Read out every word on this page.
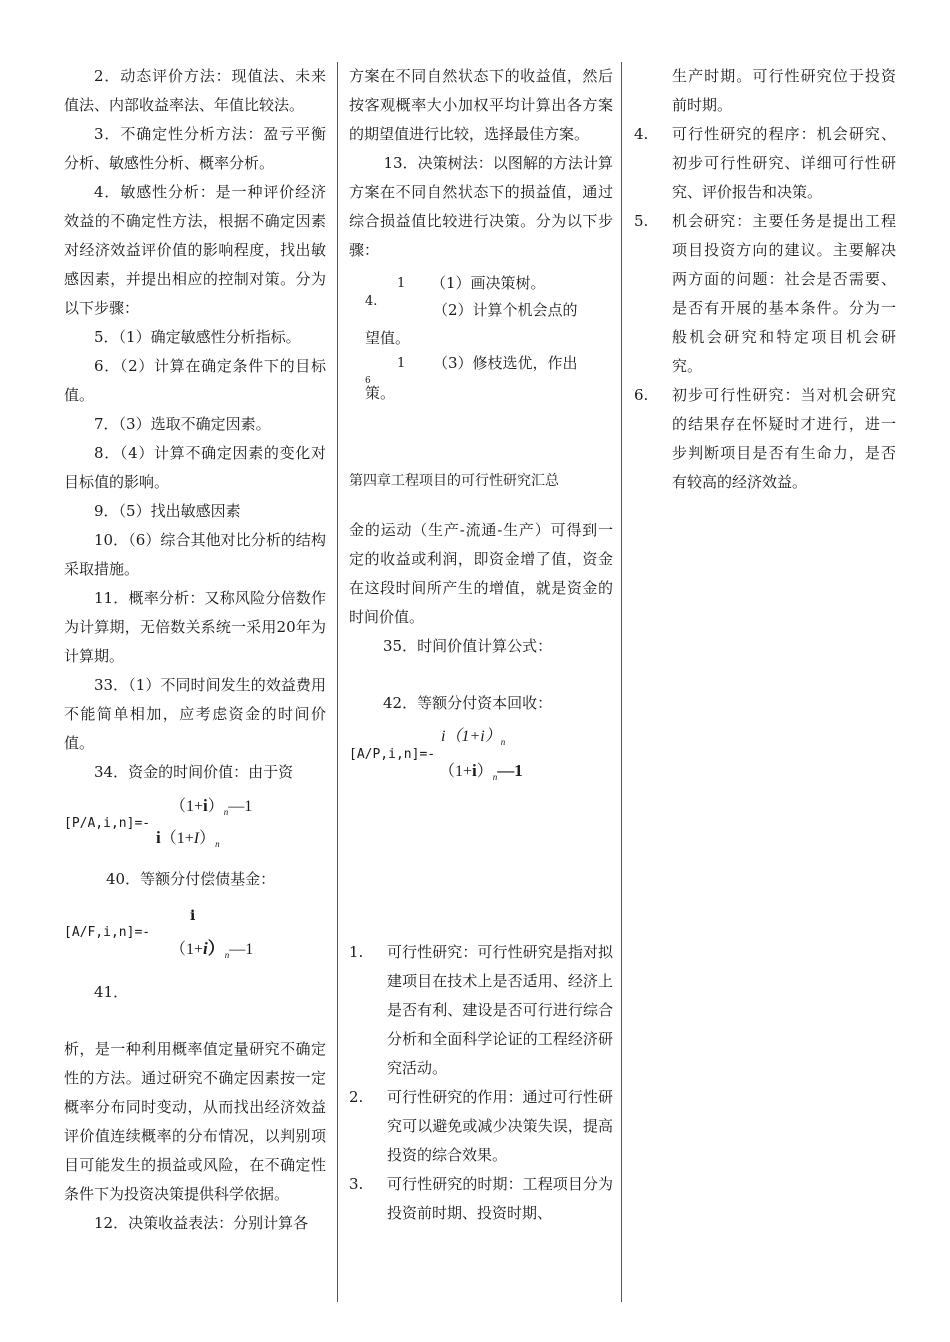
2．动态评价方法：现值法、未来值法、内部收益率法、年值比较法。

3．不确定性分析方法：盈亏平衡分析、敏感性分析、概率分析。

4．敏感性分析：是一种评价经济效益的不确定性方法，根据不确定因素对经济效益评价值的影响程度，找出敏感因素，并提出相应的控制对策。分为以下步骤：

5．（1）确定敏感性分析指标。

6．（2）计算在确定条件下的目标值。

7．（3）选取不确定因素。

8．（4）计算不确定因素的变化对目标值的影响。

9．（5）找出敏感因素

10．（6）综合其他对比分析的结构采取措施。

11．概率分析：又称风险分倍数作为计算期，无倍数关系统一采用20年为计算期。

33．（1）不同时间发生的效益费用不能简单相加，应考虑资金的时间价值。

34．资金的时间价值：由于资

$(1+i)_n—1$
[P/A,i,n]=-
$i(1+I)_n$

40．等额分付偿债基金：

i
[A/F,i,n]=-
$(1+i)_n—1$

41．

析，是一种利用概率值定量研究不确定性的方法。通过研究不确定因素按一定概率分布同时变动，从而找出经济效益评价值连续概率的分布情况，以判别项目可能发生的损益或风险，在不确定性条件下为投资决策提供科学依据。

12．决策收益表法：分别计算各

方案在不同自然状态下的收益值，然后按客观概率大小加权平均计算出各方案的期望值进行比较，选择最佳方案。

13．决策树法：以图解的方法计算方案在不同自然状态下的损益值，通过综合损益值比较进行决策。分为以下步骤：

1 （1）画决策树。
4.	（2）计算个机会点的
望值。
1 （3）修枝选优，作出
6
策。

第四章工程项目的可行性研究汇总

金的运动（生产-流通-生产）可得到一定的收益或利润，即资金增了值，资金在这段时间所产生的增值，就是资金的时间价值。

35．时间价值计算公式：

42．等额分付资本回收：

$i(1+i)_n$
[A/P,i,n]=-
$(1+i)_n—1$
1. 可行性研究：可行性研究是指对拟建项目在技术上是否适用、经济上是否有利、建设是否可行进行综合分析和全面科学论证的工程经济研究活动。

2. 可行性研究的作用：通过可行性研究可以避免或减少决策失误，提高投资的综合效果。

3. 可行性研究的时期：工程项目分为投资前时期、投资时期、

生产时期。可行性研究位于投资前时期。

4. 可行性研究的程序：机会研究、初步可行性研究、详细可行性研究、评价报告和决策。

5. 机会研究：主要任务是提出工程项目投资方向的建议。主要解决两方面的问题：社会是否需要、是否有开展的基本条件。分为一般机会研究和特定项目机会研究。

6. 初步可行性研究：当对机会研究的结果存在怀疑时才进行，进一步判断项目是否有生命力，是否有较高的经济效益。
